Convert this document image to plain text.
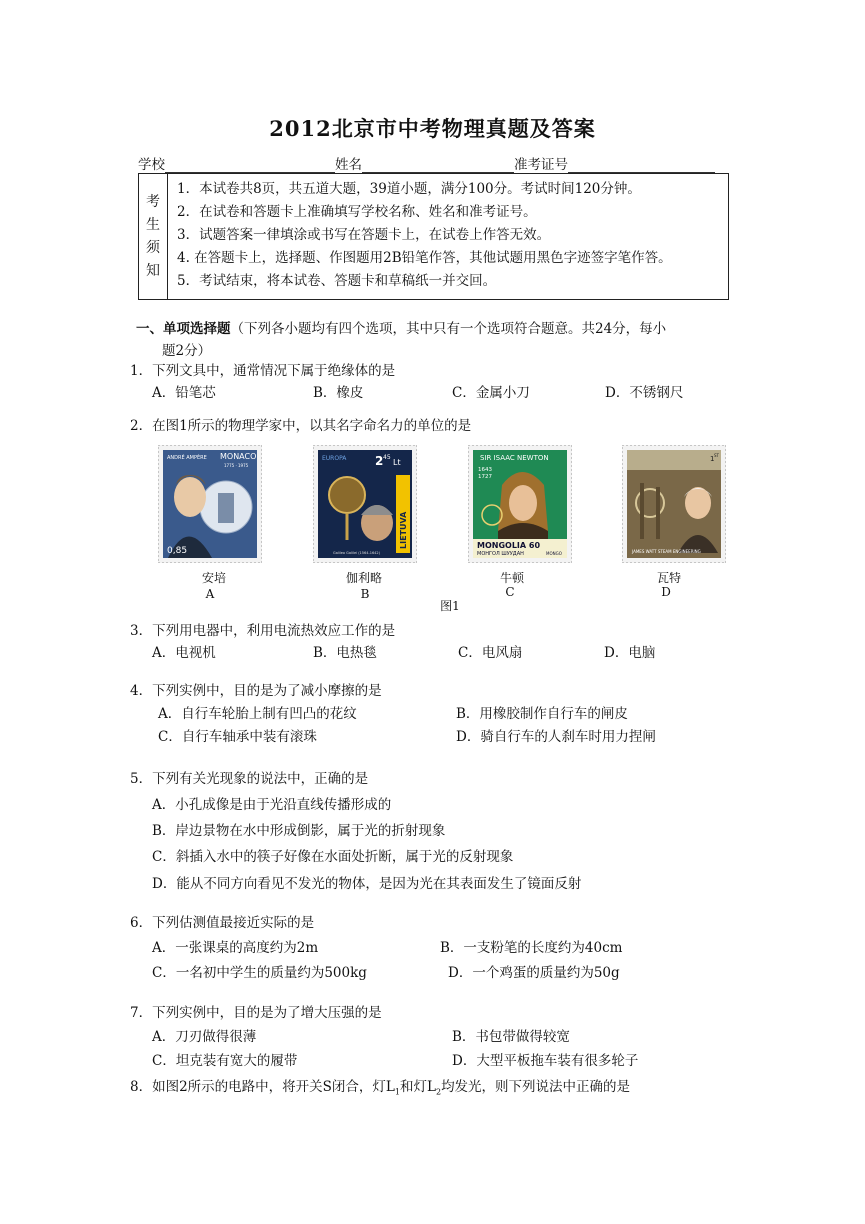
2012北京市中考物理真题及答案
学校	姓名	准考证号
考
生
须
知
1．本试卷共8页，共五道大题，39道小题，满分100分。考试时间120分钟。
2．在试卷和答题卡上准确填写学校名称、姓名和准考证号。
3．试题答案一律填涂或书写在答题卡上，在试卷上作答无效。
4. 在答题卡上，选择题、作图题用2B铅笔作答，其他试题用黑色字迹签字笔作答。
5．考试结束，将本试卷、答题卡和草稿纸一并交回。
一、单项选择题（下列各小题均有四个选项，其中只有一个选项符合题意。共24分，每小
题2分）
1．下列文具中，通常情况下属于绝缘体的是
A．铅笔芯	B．橡皮	C．金属小刀	D．不锈钢尺
2．在图1所示的物理学家中，以其名字命名力的单位的是
ANDRÉ AMPÈRE MONACO
1775 · 1975
0,85
安培
A
EUROPA 2 45
Lt
LIETUVA
Galileo Galilei (1564-1642)
伽利略
B
SIR ISAAC NEWTON
1643
1727
MONGOLIA 60
МОНГОЛ ШУУДАН	MONGO
牛顿
C
1 ST
JAMES WATT STEAM ENGINEERING
瓦特
D
图1
3．下列用电器中，利用电流热效应工作的是
A．电视机	B．电热毯	C．电风扇	D．电脑
4．下列实例中，目的是为了减小摩擦的是
A．自行车轮胎上制有凹凸的花纹	B．用橡胶制作自行车的闸皮
C．自行车轴承中装有滚珠	D．骑自行车的人刹车时用力捏闸
5．下列有关光现象的说法中，正确的是
A．小孔成像是由于光沿直线传播形成的
B．岸边景物在水中形成倒影，属于光的折射现象
C．斜插入水中的筷子好像在水面处折断，属于光的反射现象
D．能从不同方向看见不发光的物体，是因为光在其表面发生了镜面反射
6．下列估测值最接近实际的是
A．一张课桌的高度约为2m	B．一支粉笔的长度约为40cm
C．一名初中学生的质量约为500kg	D．一个鸡蛋的质量约为50g
7．下列实例中，目的是为了增大压强的是
A．刀刃做得很薄	B．书包带做得较宽
C．坦克装有宽大的履带	D．大型平板拖车装有很多轮子
8．如图2所示的电路中，将开关S闭合，灯$L_1$和灯$L_2$均发光，则下列说法中正确的是
